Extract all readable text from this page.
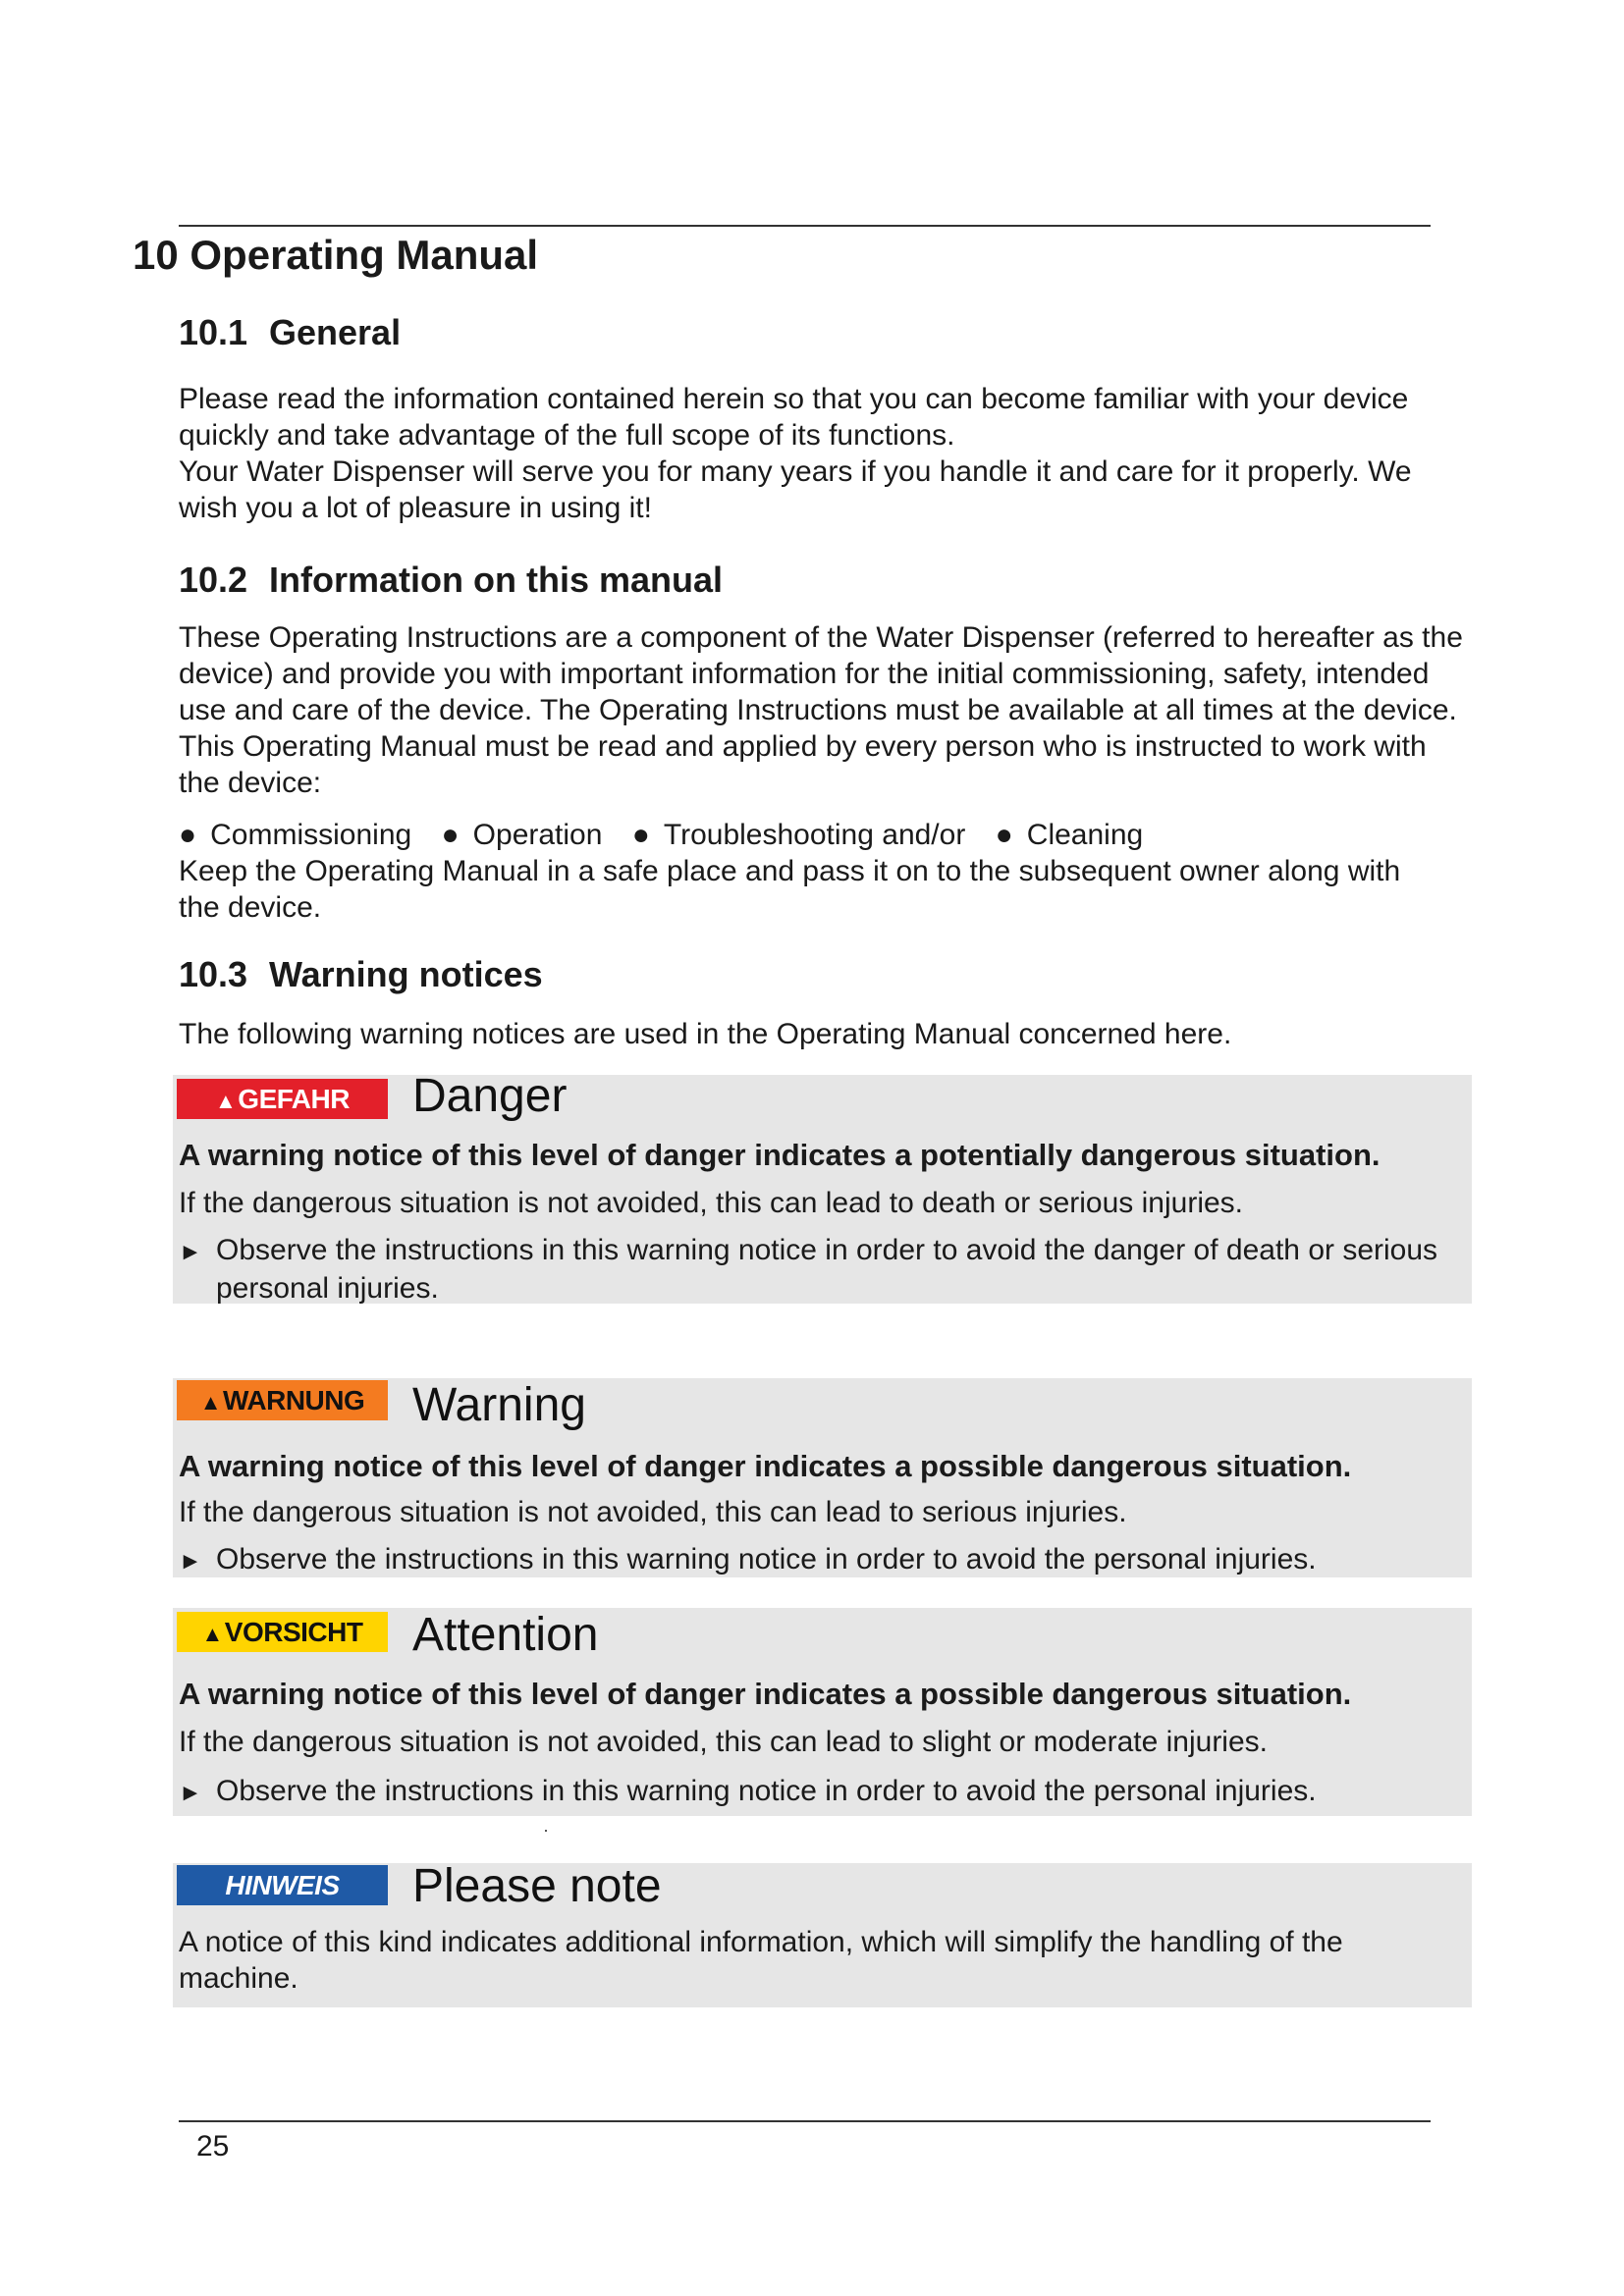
10 Operating Manual
10.1 General

Please read the information contained herein so that you can become familiar with your device quickly and take advantage of the full scope of its functions.

Your Water Dispenser will serve you for many years if you handle it and care for it properly. We wish you a lot of pleasure in using it!

10.2 Information on this manual

These Operating Instructions are a component of the Water Dispenser (referred to hereafter as the device) and provide you with important information for the initial commissioning, safety, intended use and care of the device. The Operating Instructions must be available at all times at the device. This Operating Manual must be read and applied by every person who is instructed to work with the device:

● Commissioning ● Operation ● Troubleshooting and/or ● Cleaning

Keep the Operating Manual in a safe place and pass it on to the subsequent owner along with the device.

10.3 Warning notices

The following warning notices are used in the Operating Manual concerned here.

▲GEFAHR	Danger

A warning notice of this level of danger indicates a potentially dangerous situation.

If the dangerous situation is not avoided, this can lead to death or serious injuries.

► Observe the instructions in this warning notice in order to avoid the danger of death or serious personal injuries.

▲WARNUNG	Warning

A warning notice of this level of danger indicates a possible dangerous situation.

If the dangerous situation is not avoided, this can lead to serious injuries.

► Observe the instructions in this warning notice in order to avoid the personal injuries.

▲VORSICHT	Attention

A warning notice of this level of danger indicates a possible dangerous situation.

If the dangerous situation is not avoided, this can lead to slight or moderate injuries.

► Observe the instructions in this warning notice in order to avoid the personal injuries.

HINWEIS	Please note

A notice of this kind indicates additional information, which will simplify the handling of the machine.

25
